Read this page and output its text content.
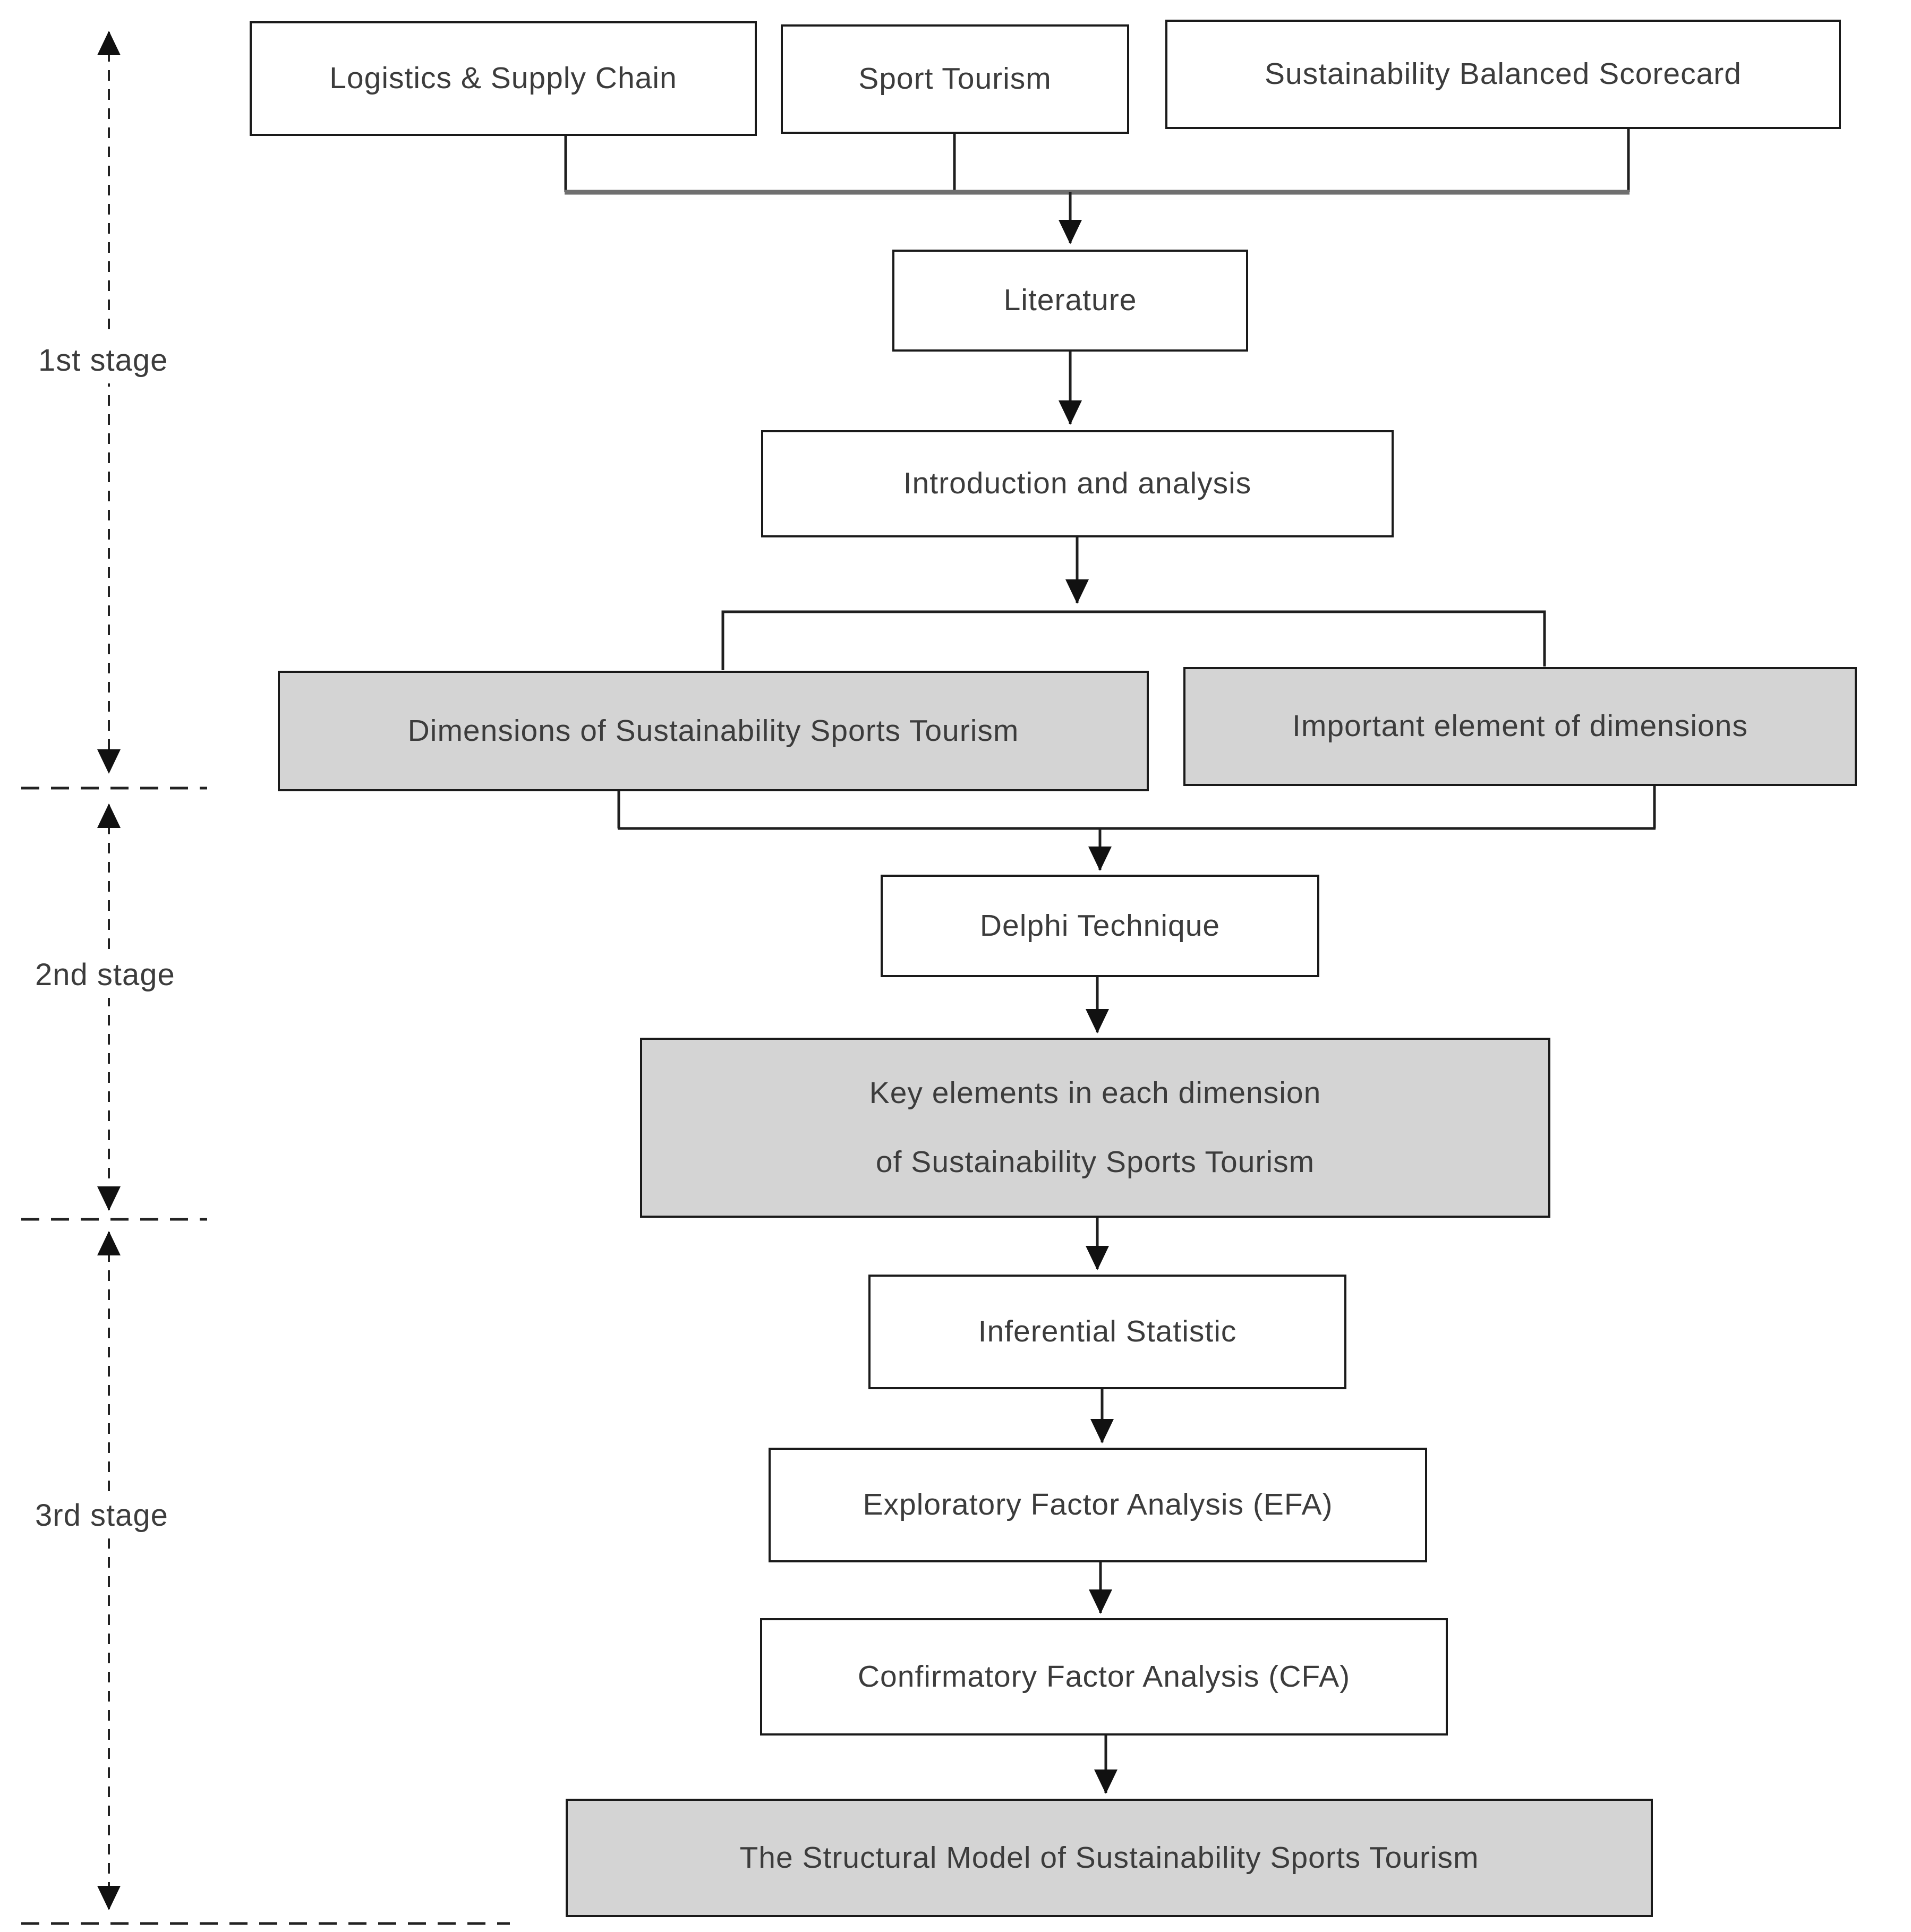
1st stage
2nd stage
3rd stage
Logistics & Supply Chain	Sport Tourism	Sustainability Balanced Scorecard
Literature
Introduction and analysis
Dimensions of Sustainability Sports Tourism	Important element of dimensions
Delphi Technique
Key elements in each dimension
of Sustainability Sports Tourism
Inferential Statistic
Exploratory Factor Analysis (EFA)
Confirmatory Factor Analysis (CFA)
The Structural Model of Sustainability Sports Tourism
